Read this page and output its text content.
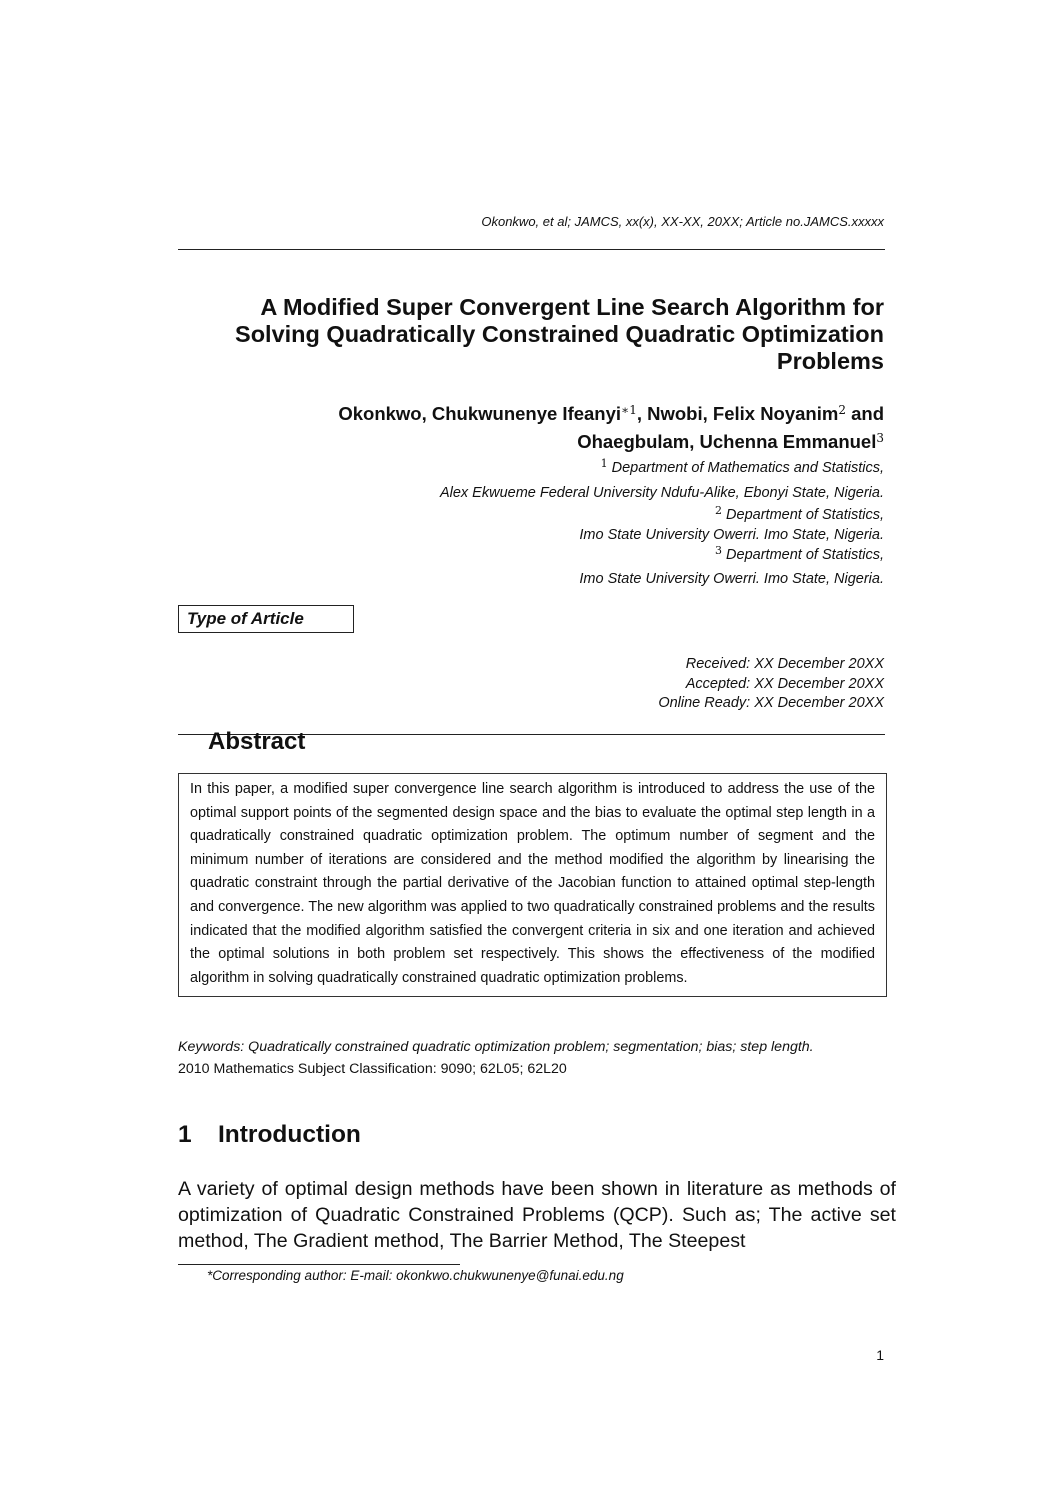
Okonkwo, et al; JAMCS, xx(x), XX-XX, 20XX; Article no.JAMCS.xxxxx
A Modified Super Convergent Line Search Algorithm for
Solving Quadratically Constrained Quadratic Optimization
Problems
Okonkwo, Chukwunenye Ifeanyi$^{∗1}$, Nwobi, Felix Noyanim$^2$ and
Ohaegbulam, Uchenna Emmanuel$^3$
$^1$ Department of Mathematics and Statistics,
Alex Ekwueme Federal University Ndufu-Alike, Ebonyi State, Nigeria.
$^2$ Department of Statistics,
Imo State University Owerri. Imo State, Nigeria.
$^3$ Department of Statistics,
Imo State University Owerri. Imo State, Nigeria.
Type of Article
Received: XX December 20XX
Accepted: XX December 20XX
Online Ready: XX December 20XX
Abstract
In this paper, a modified super convergence line search algorithm is introduced to address the use of the optimal support points of the segmented design space and the bias to evaluate the optimal step length in a quadratically constrained quadratic optimization problem. The optimum number of segment and the minimum number of iterations are considered and the method modified the algorithm by linearising the quadratic constraint through the partial derivative of the Jacobian function to attained optimal step-length and convergence. The new algorithm was applied to two quadratically constrained problems and the results indicated that the modified algorithm satisfied the convergent criteria in six and one iteration and achieved the optimal solutions in both problem set respectively. This shows the effectiveness of the modified algorithm in solving quadratically constrained quadratic optimization problems.
Keywords: Quadratically constrained quadratic optimization problem; segmentation; bias; step length.
2010 Mathematics Subject Classification: 9090; 62L05; 62L20
1 Introduction
A variety of optimal design methods have been shown in literature as methods of optimization of Quadratic Constrained Problems (QCP). Such as; The active set method, The Gradient method, The Barrier Method, The Steepest
*Corresponding author: E-mail: okonkwo.chukwunenye@funai.edu.ng
1
